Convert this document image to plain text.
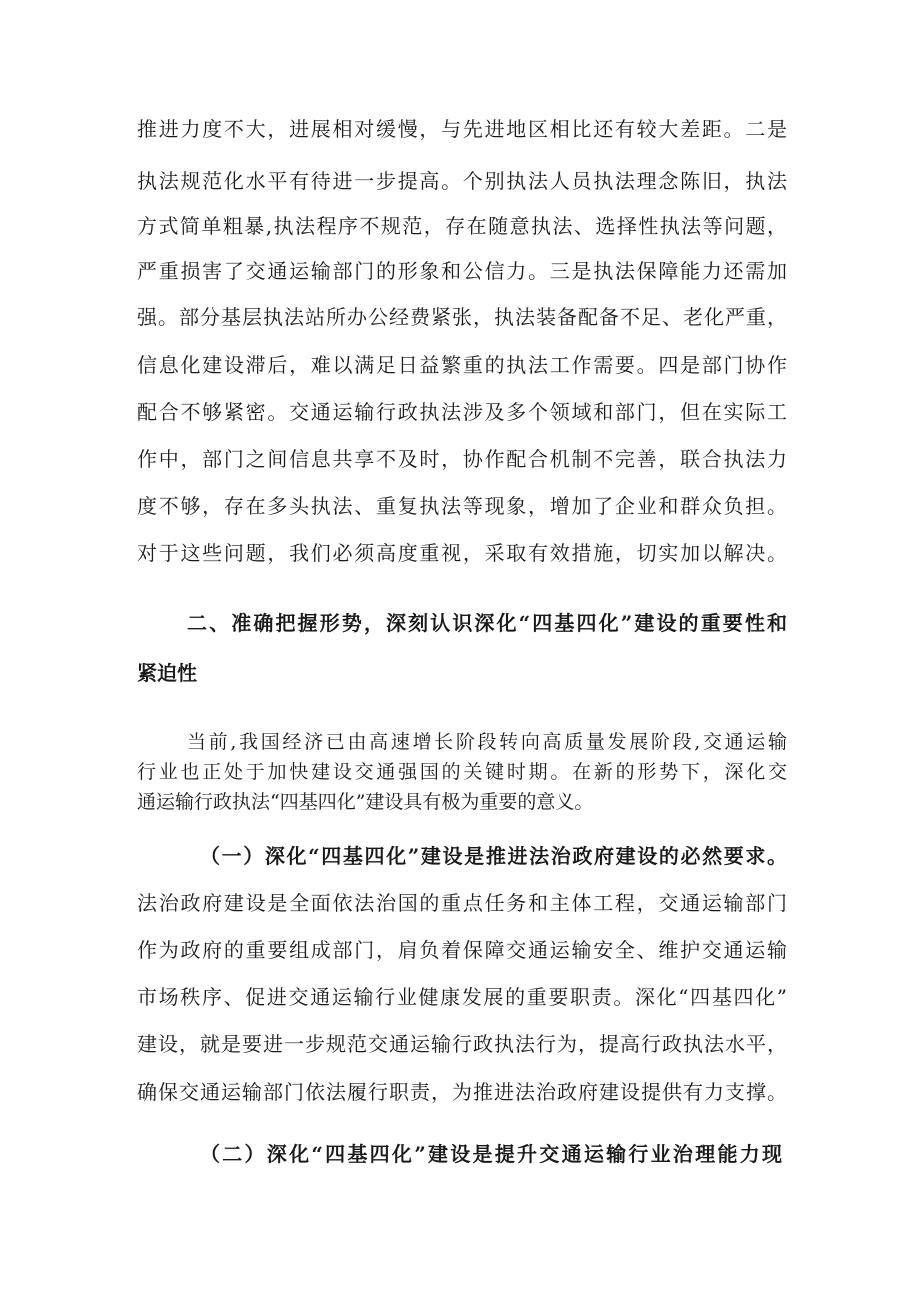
推进力度不大，进展相对缓慢，与先进地区相比还有较大差距。二是
执法规范化水平有待进一步提高。个别执法人员执法理念陈旧，执法
方式简单粗暴,执法程序不规范，存在随意执法、选择性执法等问题，
严重损害了交通运输部门的形象和公信力。三是执法保障能力还需加
强。部分基层执法站所办公经费紧张，执法装备配备不足、老化严重，
信息化建设滞后，难以满足日益繁重的执法工作需要。四是部门协作
配合不够紧密。交通运输行政执法涉及多个领域和部门，但在实际工
作中，部门之间信息共享不及时，协作配合机制不完善，联合执法力
度不够，存在多头执法、重复执法等现象，增加了企业和群众负担。
对于这些问题，我们必须高度重视，采取有效措施，切实加以解决。
二、准确把握形势，深刻认识深化“四基四化”建设的重要性和
紧迫性
当前,我国经济已由高速增长阶段转向高质量发展阶段,交通运输
行业也正处于加快建设交通强国的关键时期。在新的形势下，深化交
通运输行政执法“四基四化”建设具有极为重要的意义。
（一）深化“四基四化”建设是推进法治政府建设的必然要求。
法治政府建设是全面依法治国的重点任务和主体工程，交通运输部门
作为政府的重要组成部门，肩负着保障交通运输安全、维护交通运输
市场秩序、促进交通运输行业健康发展的重要职责。深化“四基四化”
建设，就是要进一步规范交通运输行政执法行为，提高行政执法水平，
确保交通运输部门依法履行职责，为推进法治政府建设提供有力支撑。
（二）深化“四基四化”建设是提升交通运输行业治理能力现
